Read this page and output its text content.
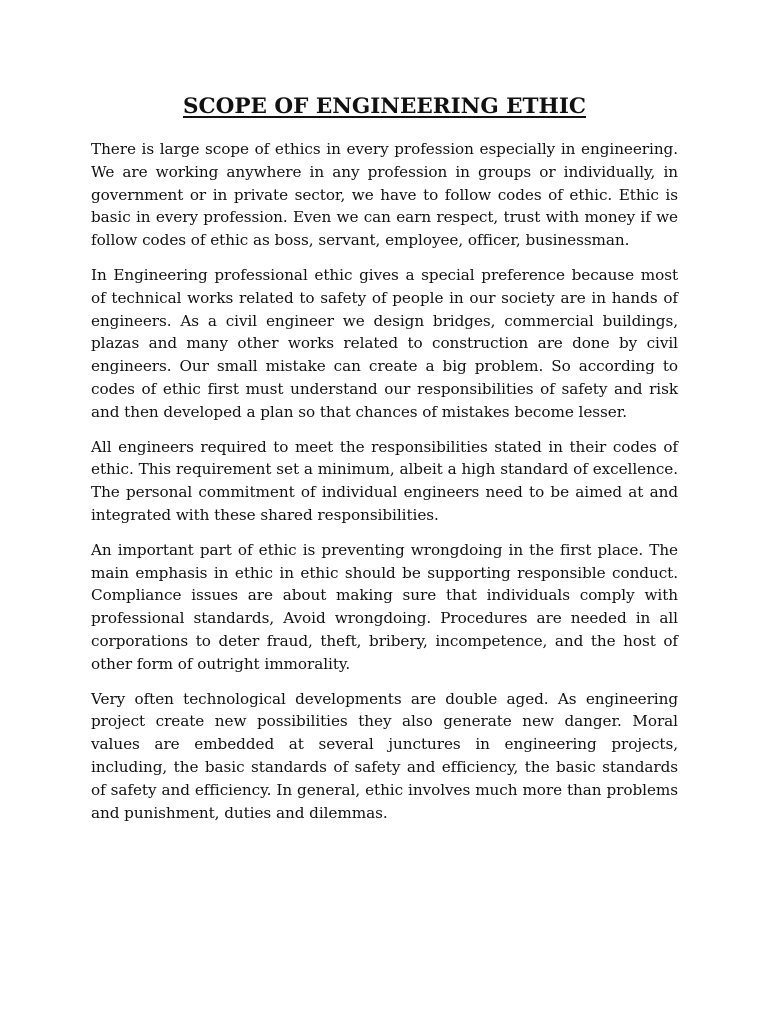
SCOPE OF ENGINEERING ETHIC

There is large scope of ethics in every profession especially in engineering. We are working anywhere in any profession in groups or individually, in government or in private sector, we have to follow codes of ethic. Ethic is basic in every profession. Even we can earn respect, trust with money if we follow codes of ethic as boss, servant, employee, officer, businessman.

In Engineering professional ethic gives a special preference because most of technical works related to safety of people in our society are in hands of engineers. As a civil engineer we design bridges, commercial buildings, plazas and many other works related to construction are done by civil engineers. Our small mistake can create a big problem. So according to codes of ethic first must understand our responsibilities of safety and risk and then developed a plan so that chances of mistakes become lesser.

All engineers required to meet the responsibilities stated in their codes of ethic. This requirement set a minimum, albeit a high standard of excellence. The personal commitment of individual engineers need to be aimed at and integrated with these shared responsibilities.

An important part of ethic is preventing wrongdoing in the first place. The main emphasis in ethic in ethic should be supporting responsible conduct. Compliance issues are about making sure that individuals comply with professional standards, Avoid wrongdoing. Procedures are needed in all corporations to deter fraud, theft, bribery, incompetence, and the host of other form of outright immorality.

Very often technological developments are double aged. As engineering project create new possibilities they also generate new danger. Moral values are embedded at several junctures in engineering projects, including, the basic standards of safety and efficiency, the basic standards of safety and efficiency. In general, ethic involves much more than problems and punishment, duties and dilemmas.
